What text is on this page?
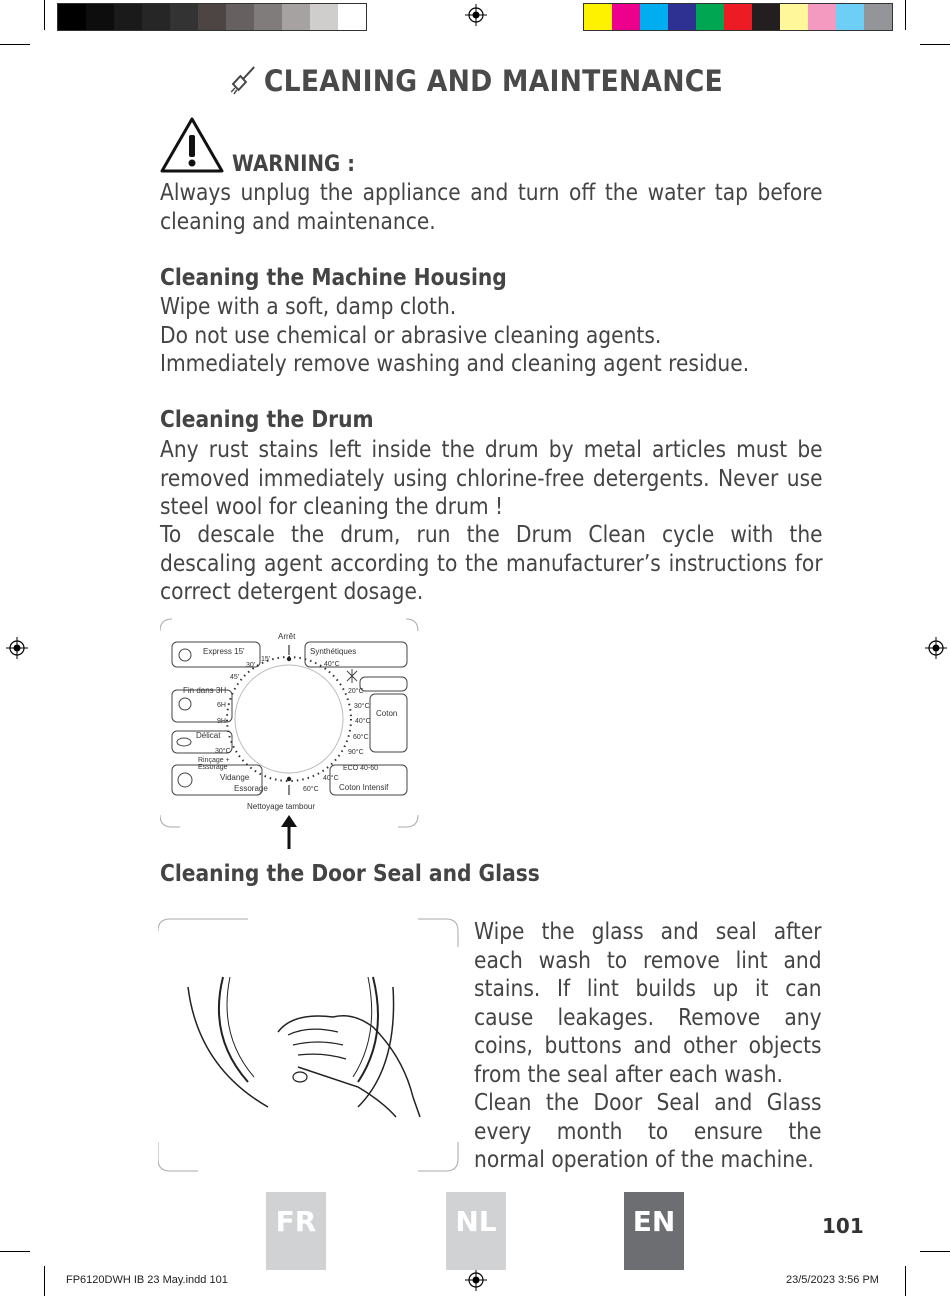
CLEANING AND MAINTENANCE
WARNING :
Always unplug the appliance and turn off the water tap before cleaning and maintenance.
Cleaning the Machine Housing
Wipe with a soft, damp cloth.
Do not use chemical or abrasive cleaning agents.
Immediately remove washing and cleaning agent residue.
Cleaning the Drum
Any rust stains left inside the drum by metal articles must be removed immediately using chlorine-free detergents. Never use steel wool for cleaning the drum !
To descale the drum, run the Drum Clean cycle with the descaling agent according to the manufacturer’s instructions for correct detergent dosage.
Arrêt
Express 15'
15'
30'
45'
Synthétiques
40°C
Fin dans 3H
6H
9H
Délicat
30°C
Rinçage +
Essorage
Vidange
Essorage
20°C
30°C
Coton
40°C
60°C
90°C
ECO 40-60
40°C
60°C	Coton Intensif
Nettoyage tambour
Cleaning the Door Seal and Glass
Wipe the glass and seal after each wash to remove lint and stains. If lint builds up it can cause leakages. Remove any coins, buttons and other objects from the seal after each wash.
Clean the Door Seal and Glass every month to ensure the normal operation of the machine.
FR	NL	EN	101
FP6120DWH IB 23 May.indd 101	23/5/2023 3:56 PM
